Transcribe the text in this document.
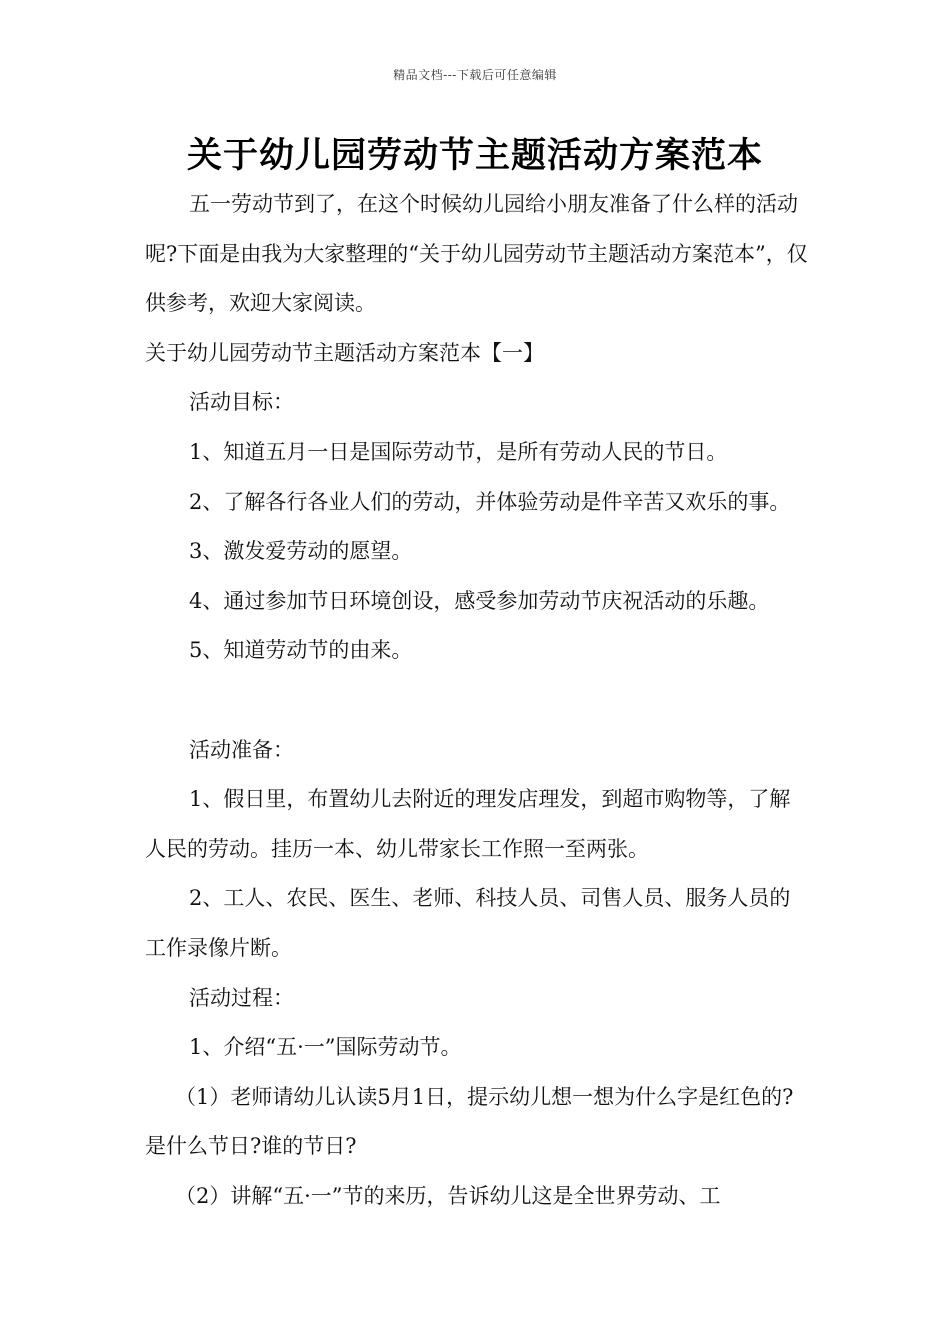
精品文档---下载后可任意编辑
关于幼儿园劳动节主题活动方案范本

五一劳动节到了，在这个时候幼儿园给小朋友准备了什么样的活动呢?下面是由我为大家整理的“关于幼儿园劳动节主题活动方案范本”，仅供参考，欢迎大家阅读。

关于幼儿园劳动节主题活动方案范本【一】

活动目标：

1、知道五月一日是国际劳动节，是所有劳动人民的节日。

2、了解各行各业人们的劳动，并体验劳动是件辛苦又欢乐的事。

3、激发爱劳动的愿望。

4、通过参加节日环境创设，感受参加劳动节庆祝活动的乐趣。

5、知道劳动节的由来。

活动准备：

1、假日里，布置幼儿去附近的理发店理发，到超市购物等，了解人民的劳动。挂历一本、幼儿带家长工作照一至两张。

2、工人、农民、医生、老师、科技人员、司售人员、服务人员的工作录像片断。

活动过程：

1、介绍“五·一”国际劳动节。

（1）老师请幼儿认读5月1日，提示幼儿想一想为什么字是红色的?是什么节日?谁的节日?

（2）讲解“五·一”节的来历，告诉幼儿这是全世界劳动、工
